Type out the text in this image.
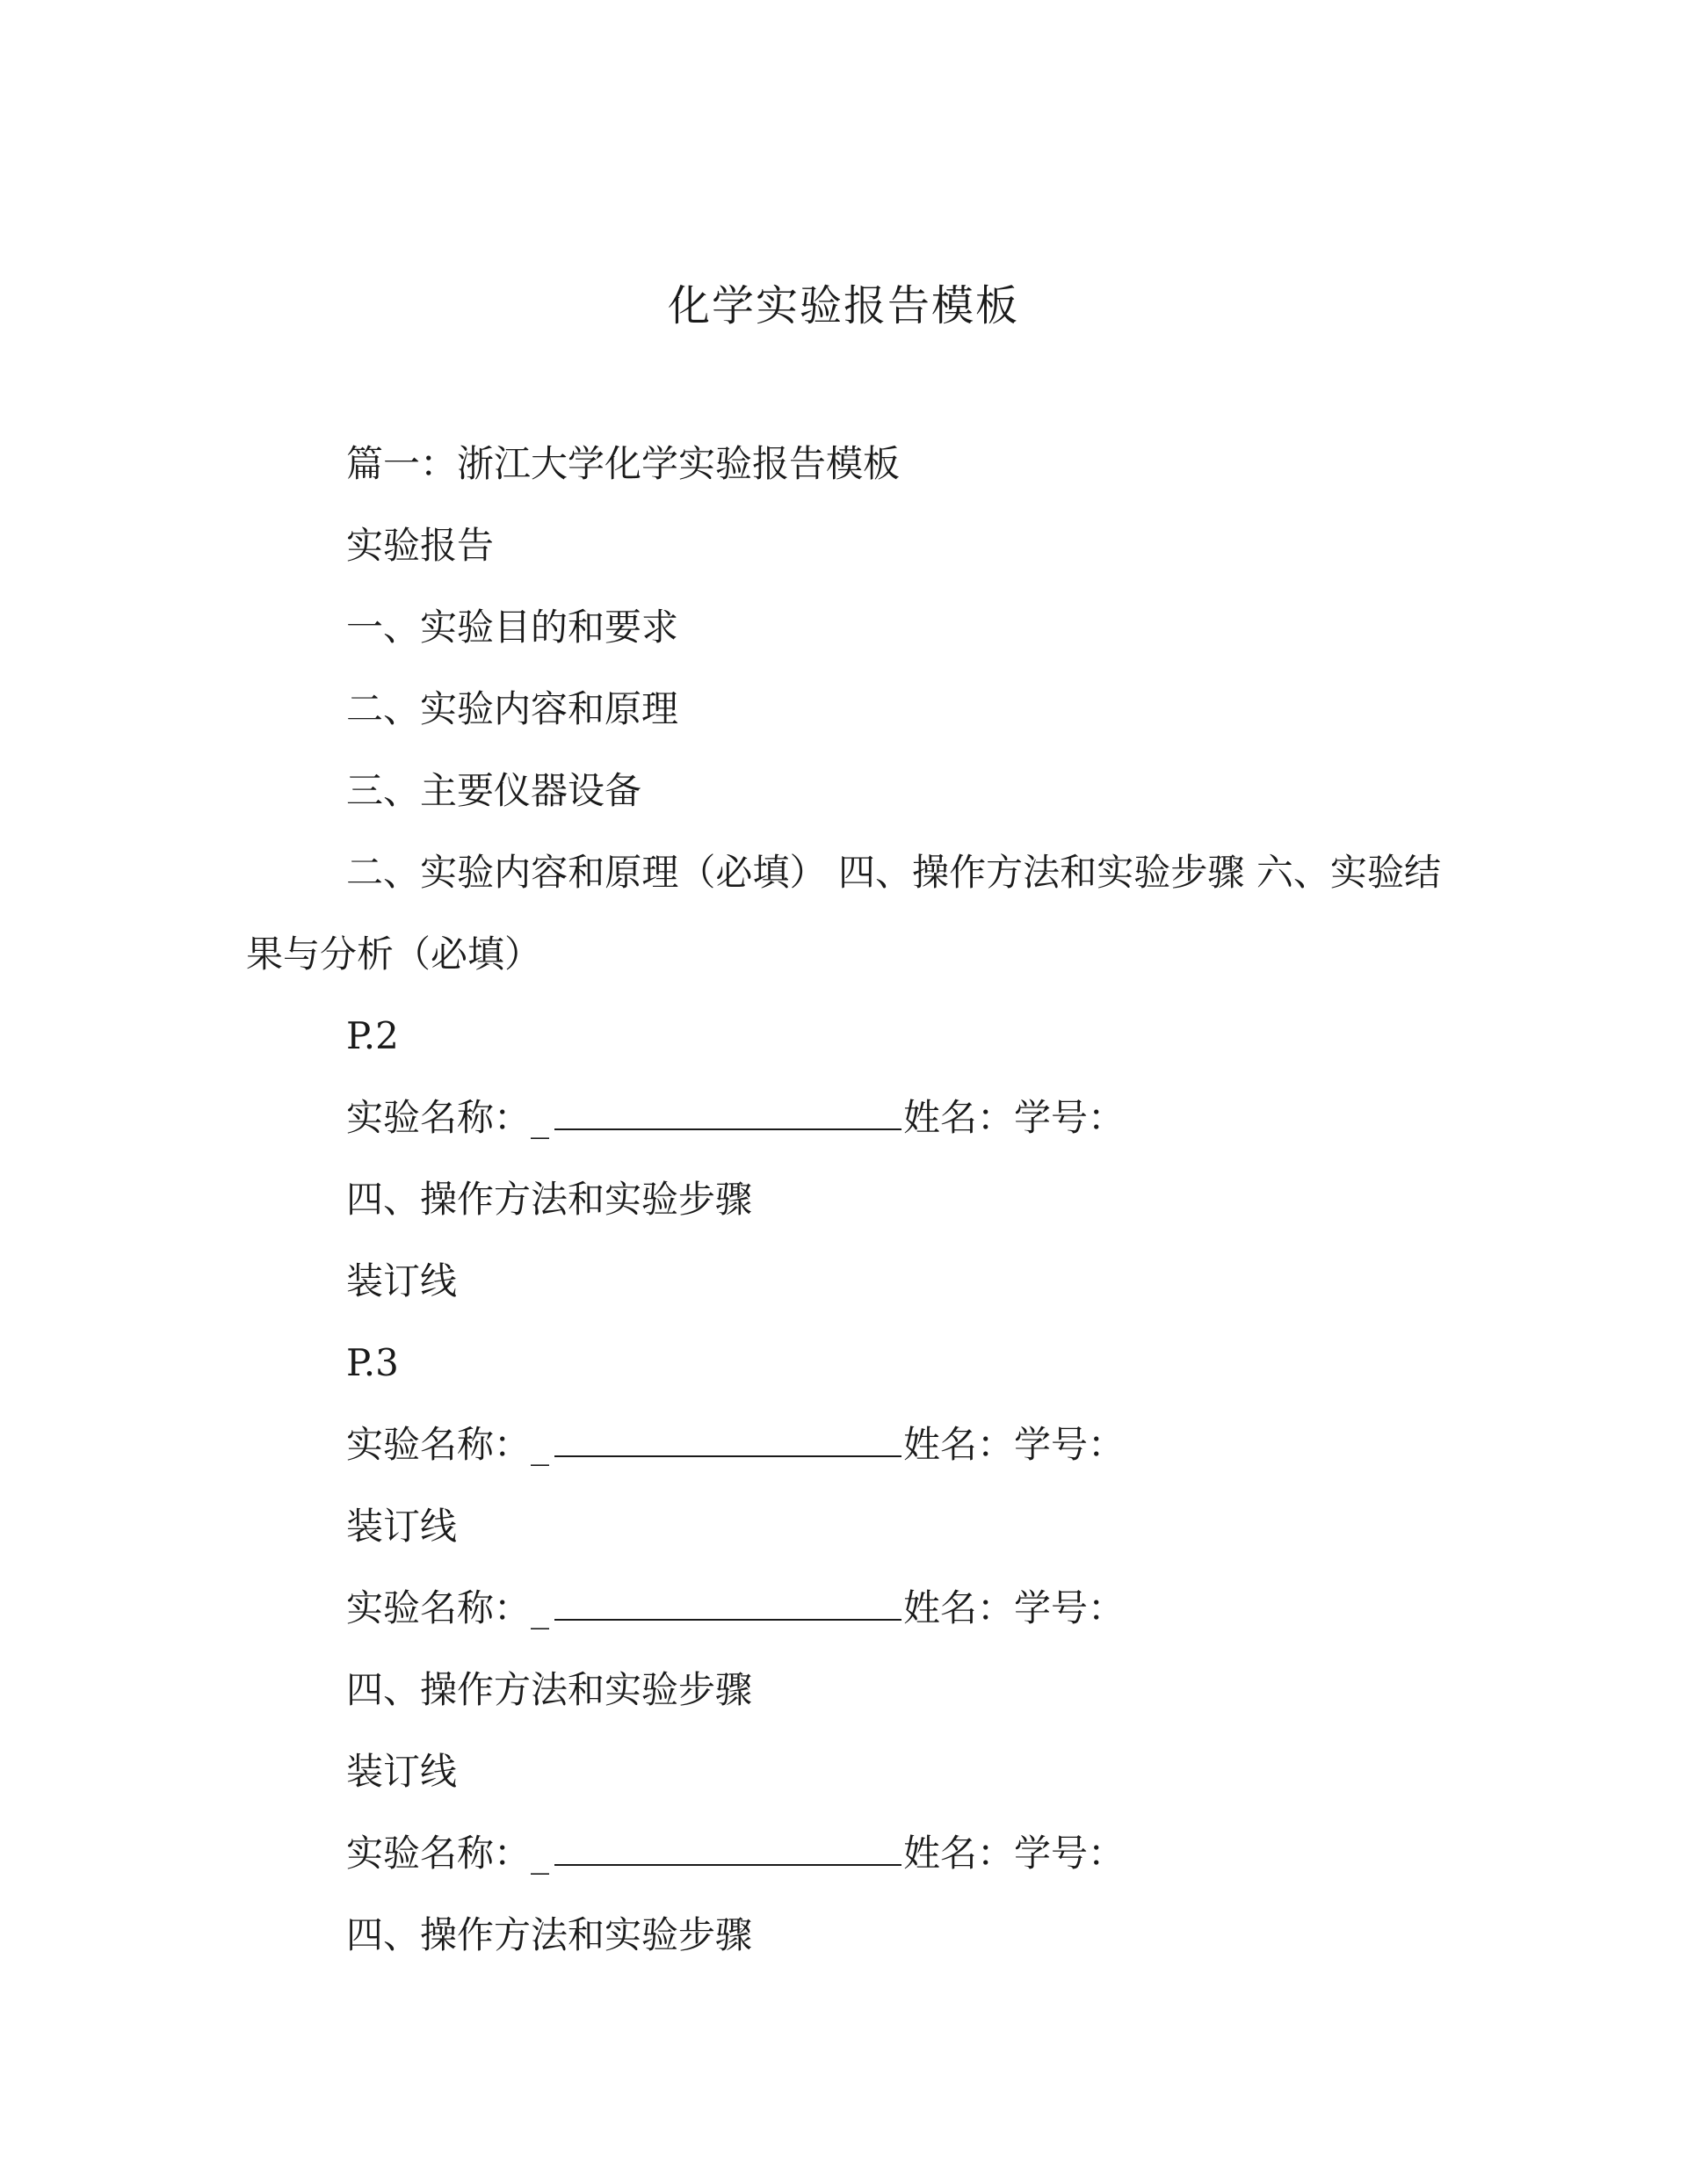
化学实验报告模板

篇一：浙江大学化学实验报告模板

实验报告

一、实验目的和要求

二、实验内容和原理

三、主要仪器设备

二、实验内容和原理（必填） 四、操作方法和实验步骤 六、实验结果与分析（必填）

P.2

实验名称：_	姓名：学号：

四、操作方法和实验步骤

装订线

P.3

实验名称：_	姓名：学号：

装订线

实验名称：_	姓名：学号：

四、操作方法和实验步骤

装订线

实验名称：_	姓名：学号：

四、操作方法和实验步骤
